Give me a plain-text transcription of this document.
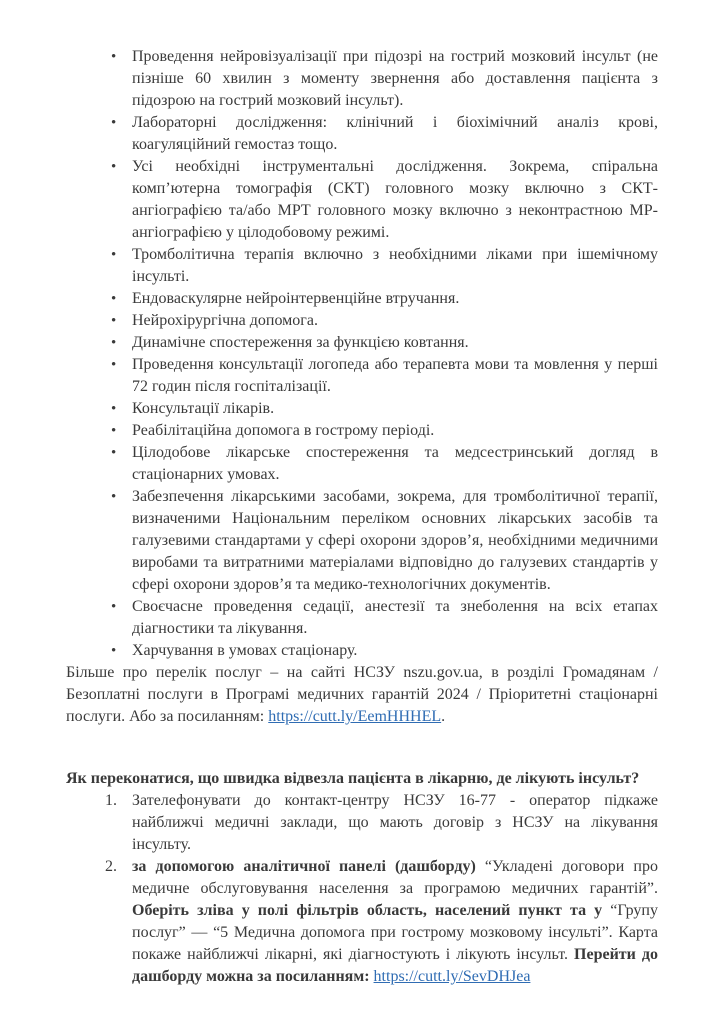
• Проведення нейровізуалізації при підозрі на гострий мозковий інсульт (не пізніше 60 хвилин з моменту звернення або доставлення пацієнта з підозрою на гострий мозковий інсульт).
• Лабораторні дослідження: клінічний і біохімічний аналіз крові, коагуляційний гемостаз тощо.
• Усі необхідні інструментальні дослідження. Зокрема, спіральна комп’ютерна томографія (СКТ) головного мозку включно з СКТ-ангіографією та/або МРТ головного мозку включно з неконтрастною МР-ангіографією у цілодобовому режимі.
• Тромболітична терапія включно з необхідними ліками при ішемічному інсульті.
• Ендоваскулярне нейроінтервенційне втручання.
• Нейрохірургічна допомога.
• Динамічне спостереження за функцією ковтання.
• Проведення консультації логопеда або терапевта мови та мовлення у перші 72 годин після госпіталізації.
• Консультації лікарів.
• Реабілітаційна допомога в гострому періоді.
• Цілодобове лікарське спостереження та медсестринський догляд в стаціонарних умовах.
• Забезпечення лікарськими засобами, зокрема, для тромболітичної терапії, визначеними Національним переліком основних лікарських засобів та галузевими стандартами у сфері охорони здоров’я, необхідними медичними виробами та витратними матеріалами відповідно до галузевих стандартів у сфері охорони здоров’я та медико-технологічних документів.
• Своєчасне проведення седації, анестезії та знеболення на всіх етапах діагностики та лікування.
• Харчування в умовах стаціонару.

Більше про перелік послуг – на сайті НСЗУ nszu.gov.ua, в розділі Громадянам / Безоплатні послуги в Програмі медичних гарантій 2024 / Пріоритетні стаціонарні послуги. Або за посиланням: https://cutt.ly/EemHHHEL.

Як переконатися, що швидка відвезла пацієнта в лікарню, де лікують інсульт?
1. Зателефонувати до контакт-центру НСЗУ 16-77 - оператор підкаже найближчі медичні заклади, що мають договір з НСЗУ на лікування інсульту.
2. за допомогою аналітичної панелі (дашборду) “Укладені договори про медичне обслуговування населення за програмою медичних гарантій”. Оберіть зліва у полі фільтрів область, населений пункт та у “Групу послуг” — “5 Медична допомога при гострому мозковому інсульті”. Карта покаже найближчі лікарні, які діагностують і лікують інсульт. Перейти до дашборду можна за посиланням: https://cutt.ly/SevDHJea
